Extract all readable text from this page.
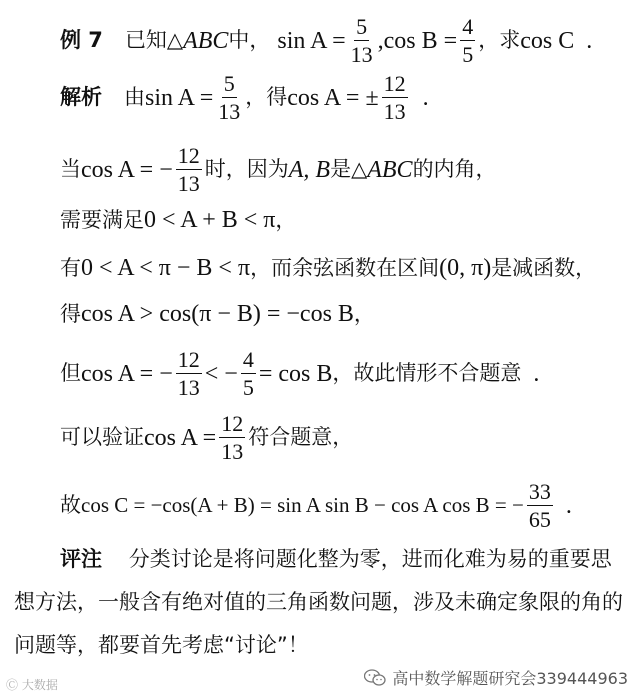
例 7 已知△ ABC 中，
$\sin A = \frac{5}{13} ,\cos$ $B = \frac{4}{5}$ ，求 cos C .
解析 由 $\sin A = \frac{5}{13}$ ，得 cos A = ± $\frac{12}{13}$ .
当 cos A = − $\frac{12}{13}$ 时，因为 A, B 是△ ABC 的内角，
需要满足 0 < A + B < π ，
有 0 < A < π − B < π ，而余弦函数在区间 (0, π) 是减函数，
得 cos A > cos(π − B) = −cos B ，
但 cos A = − $\frac{12}{13}$ < − $\frac{4}{5} = \cos B$ ，故此情形不合题意 .
可以验证 $\cos A = \frac{12}{13}$ 符合题意，
故 cos C = −cos(A + B) = sin A sin B − cos A cos B = − $\frac{33}{65}$ .
评注 分类讨论是将问题化整为零，进而化难为易的重要思想方法，一般含有绝对值的三角函数问题，涉及未确定象限的角的问题等，都要首先考虑“讨论”！
Ⓒ 大数据	高中数学解题研究会339444963
